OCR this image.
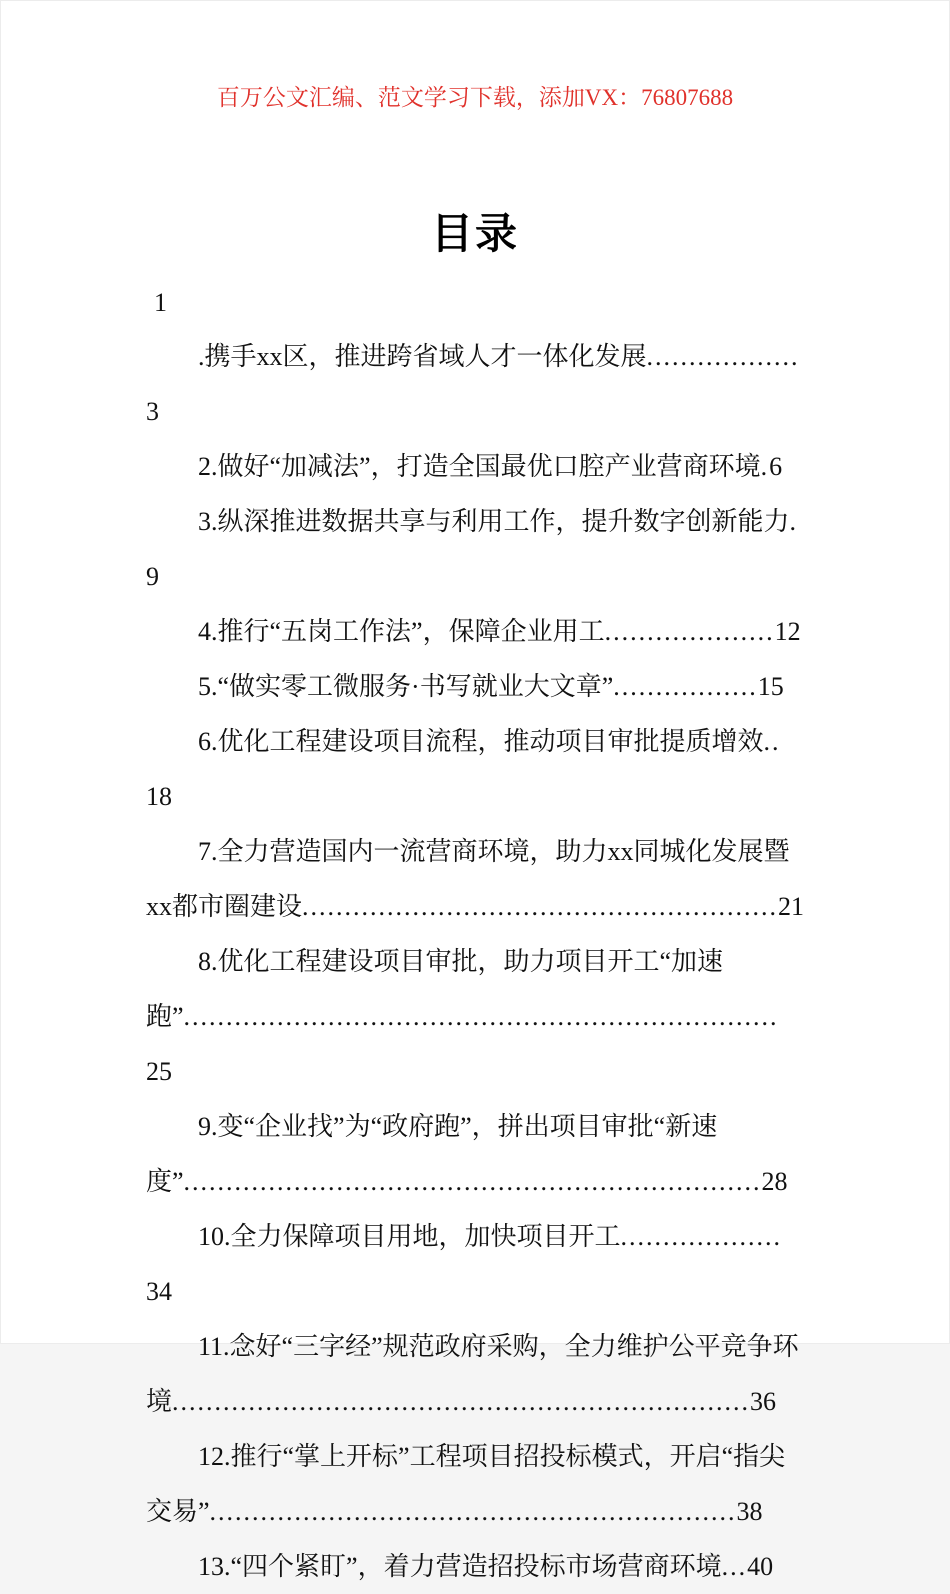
百万公文汇编、范文学习下载，添加VX：76807688
目录

1

.携手xx区，推进跨省域人才一体化发展..................3

2.做好“加减法”，打造全国最优口腔产业营商环境.6

3.纵深推进数据共享与利用工作，提升数字创新能力.9

4.推行“五岗工作法”，保障企业用工....................12

5.“做实零工微服务·书写就业大文章”.................15

6.优化工程建设项目流程，推动项目审批提质增效..18

7.全力营造国内一流营商环境，助力xx同城化发展暨xx都市圈建设........................................................21

8.优化工程建设项目审批，助力项目开工“加速跑”......................................................................25

9.变“企业找”为“政府跑”，拼出项目审批“新速度”....................................................................28

10.全力保障项目用地，加快项目开工...................34

11.念好“三字经”规范政府采购，全力维护公平竞争环境....................................................................36

12.推行“掌上开标”工程项目招投标模式，开启“指尖交易”..............................................................38

13.“四个紧盯”，着力营造招投标市场营商环境...40
